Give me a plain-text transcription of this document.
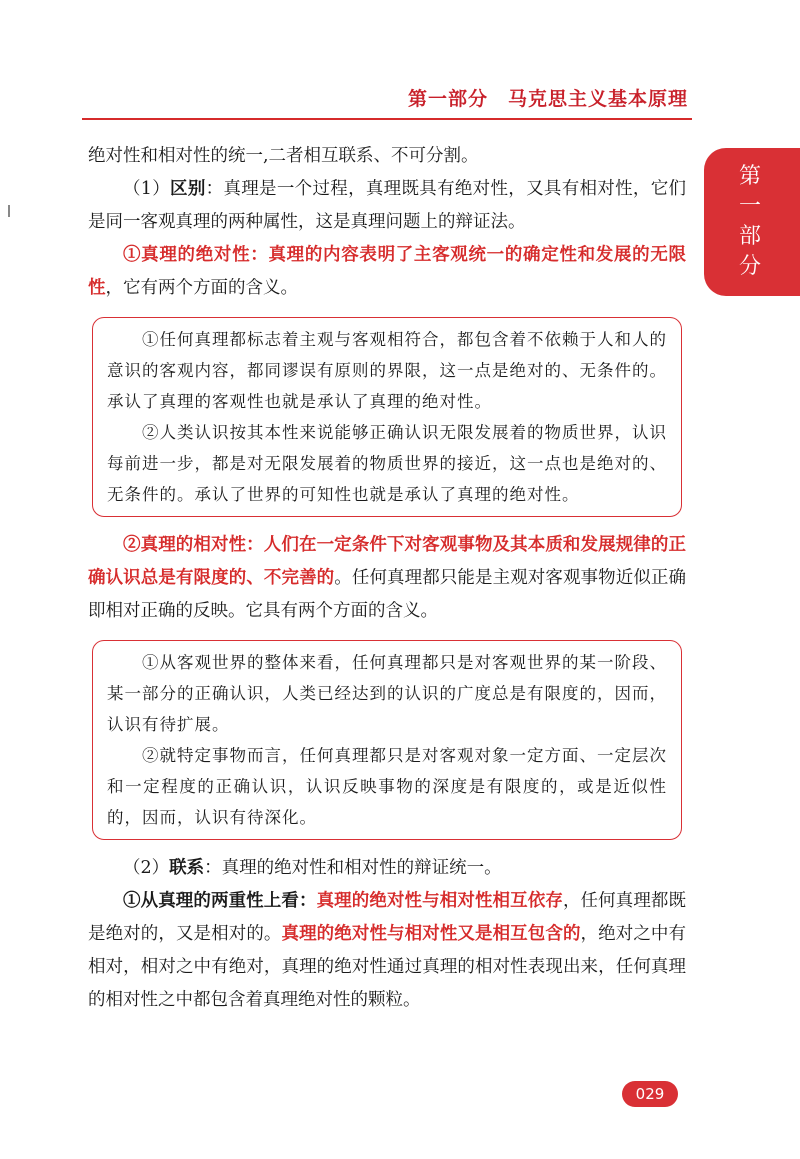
第一部分　马克思主义基本原理
第
一
部
分

绝对性和相对性的统一,二者相互联系、不可分割。

（1）区别：真理是一个过程，真理既具有绝对性，又具有相对性，它们是同一客观真理的两种属性，这是真理问题上的辩证法。

①真理的绝对性：真理的内容表明了主客观统一的确定性和发展的无限性，它有两个方面的含义。

①任何真理都标志着主观与客观相符合，都包含着不依赖于人和人的意识的客观内容，都同谬误有原则的界限，这一点是绝对的、无条件的。承认了真理的客观性也就是承认了真理的绝对性。

②人类认识按其本性来说能够正确认识无限发展着的物质世界，认识每前进一步，都是对无限发展着的物质世界的接近，这一点也是绝对的、无条件的。承认了世界的可知性也就是承认了真理的绝对性。

②真理的相对性：人们在一定条件下对客观事物及其本质和发展规律的正确认识总是有限度的、不完善的。任何真理都只能是主观对客观事物近似正确即相对正确的反映。它具有两个方面的含义。

①从客观世界的整体来看，任何真理都只是对客观世界的某一阶段、某一部分的正确认识，人类已经达到的认识的广度总是有限度的，因而，认识有待扩展。

②就特定事物而言，任何真理都只是对客观对象一定方面、一定层次和一定程度的正确认识，认识反映事物的深度是有限度的，或是近似性的，因而，认识有待深化。

（2）联系：真理的绝对性和相对性的辩证统一。

①从真理的两重性上看：真理的绝对性与相对性相互依存，任何真理都既是绝对的，又是相对的。真理的绝对性与相对性又是相互包含的，绝对之中有相对，相对之中有绝对，真理的绝对性通过真理的相对性表现出来，任何真理的相对性之中都包含着真理绝对性的颗粒。

029
